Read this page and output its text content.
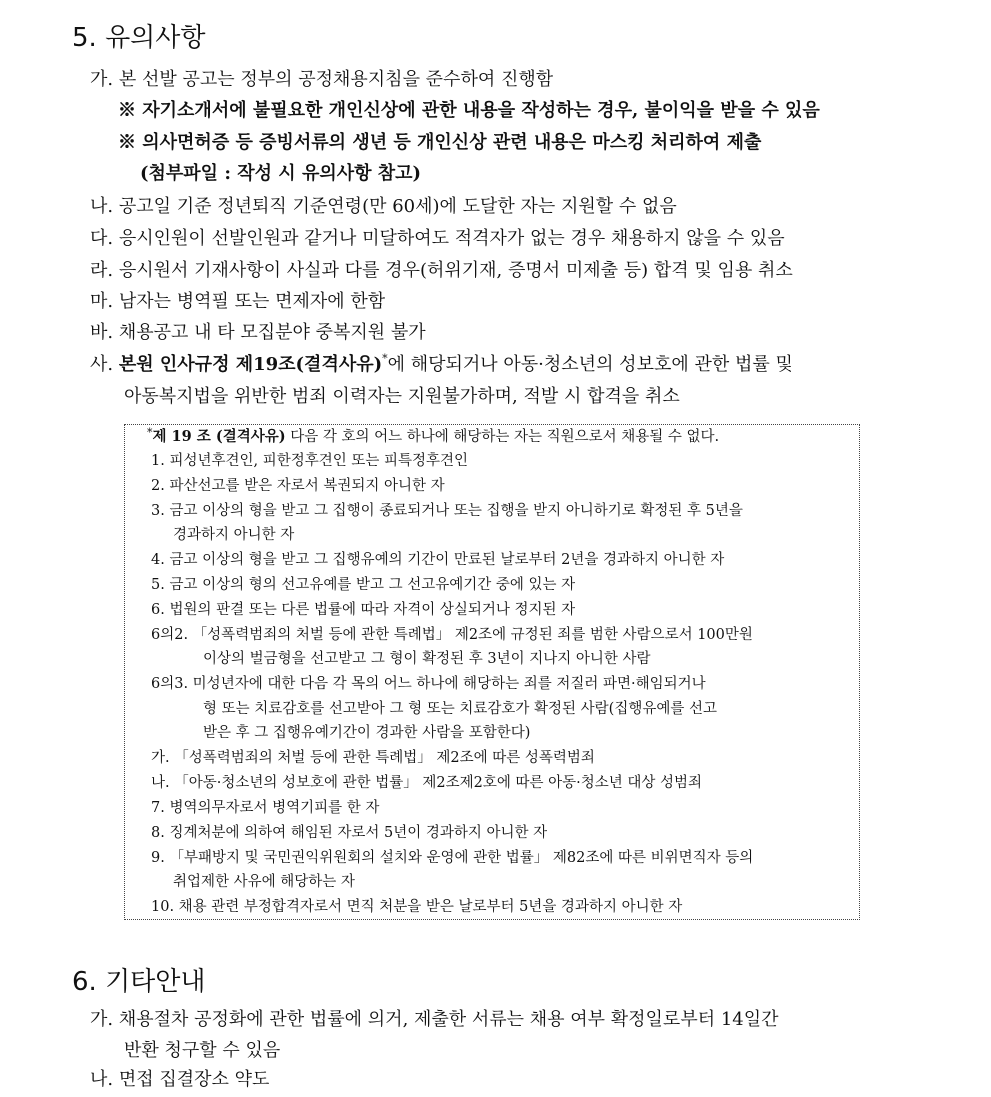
5. 유의사항

가. 본 선발 공고는 정부의 공정채용지침을 준수하여 진행함

※ 자기소개서에 불필요한 개인신상에 관한 내용을 작성하는 경우, 불이익을 받을 수 있음

※ 의사면허증 등 증빙서류의 생년 등 개인신상 관련 내용은 마스킹 처리하여 제출

(첨부파일 : 작성 시 유의사항 참고)

나. 공고일 기준 정년퇴직 기준연령(만 60세)에 도달한 자는 지원할 수 없음

다. 응시인원이 선발인원과 같거나 미달하여도 적격자가 없는 경우 채용하지 않을 수 있음

라. 응시원서 기재사항이 사실과 다를 경우(허위기재, 증명서 미제출 등) 합격 및 임용 취소

마. 남자는 병역필 또는 면제자에 한함

바. 채용공고 내 타 모집분야 중복지원 불가

사. 본원 인사규정 제19조(결격사유)*에 해당되거나 아동·청소년의 성보호에 관한 법률 및

아동복지법을 위반한 범죄 이력자는 지원불가하며, 적발 시 합격을 취소

*제 19 조 (결격사유) 다음 각 호의 어느 하나에 해당하는 자는 직원으로서 채용될 수 없다.

1. 피성년후견인, 피한정후견인 또는 피특정후견인

2. 파산선고를 받은 자로서 복권되지 아니한 자

3. 금고 이상의 형을 받고 그 집행이 종료되거나 또는 집행을 받지 아니하기로 확정된 후 5년을

경과하지 아니한 자

4. 금고 이상의 형을 받고 그 집행유예의 기간이 만료된 날로부터 2년을 경과하지 아니한 자

5. 금고 이상의 형의 선고유예를 받고 그 선고유예기간 중에 있는 자

6. 법원의 판결 또는 다른 법률에 따라 자격이 상실되거나 정지된 자

6의2. 「성폭력범죄의 처벌 등에 관한 특례법」 제2조에 규정된 죄를 범한 사람으로서 100만원

이상의 벌금형을 선고받고 그 형이 확정된 후 3년이 지나지 아니한 사람

6의3. 미성년자에 대한 다음 각 목의 어느 하나에 해당하는 죄를 저질러 파면·해임되거나

형 또는 치료감호를 선고받아 그 형 또는 치료감호가 확정된 사람(집행유예를 선고

받은 후 그 집행유예기간이 경과한 사람을 포함한다)

가. 「성폭력범죄의 처벌 등에 관한 특례법」 제2조에 따른 성폭력범죄

나. 「아동·청소년의 성보호에 관한 법률」 제2조제2호에 따른 아동·청소년 대상 성범죄

7. 병역의무자로서 병역기피를 한 자

8. 징계처분에 의하여 해임된 자로서 5년이 경과하지 아니한 자

9. 「부패방지 및 국민권익위원회의 설치와 운영에 관한 법률」 제82조에 따른 비위면직자 등의

취업제한 사유에 해당하는 자

10. 채용 관련 부정합격자로서 면직 처분을 받은 날로부터 5년을 경과하지 아니한 자

6. 기타안내

가. 채용절차 공정화에 관한 법률에 의거, 제출한 서류는 채용 여부 확정일로부터 14일간

반환 청구할 수 있음

나. 면접 집결장소 약도
